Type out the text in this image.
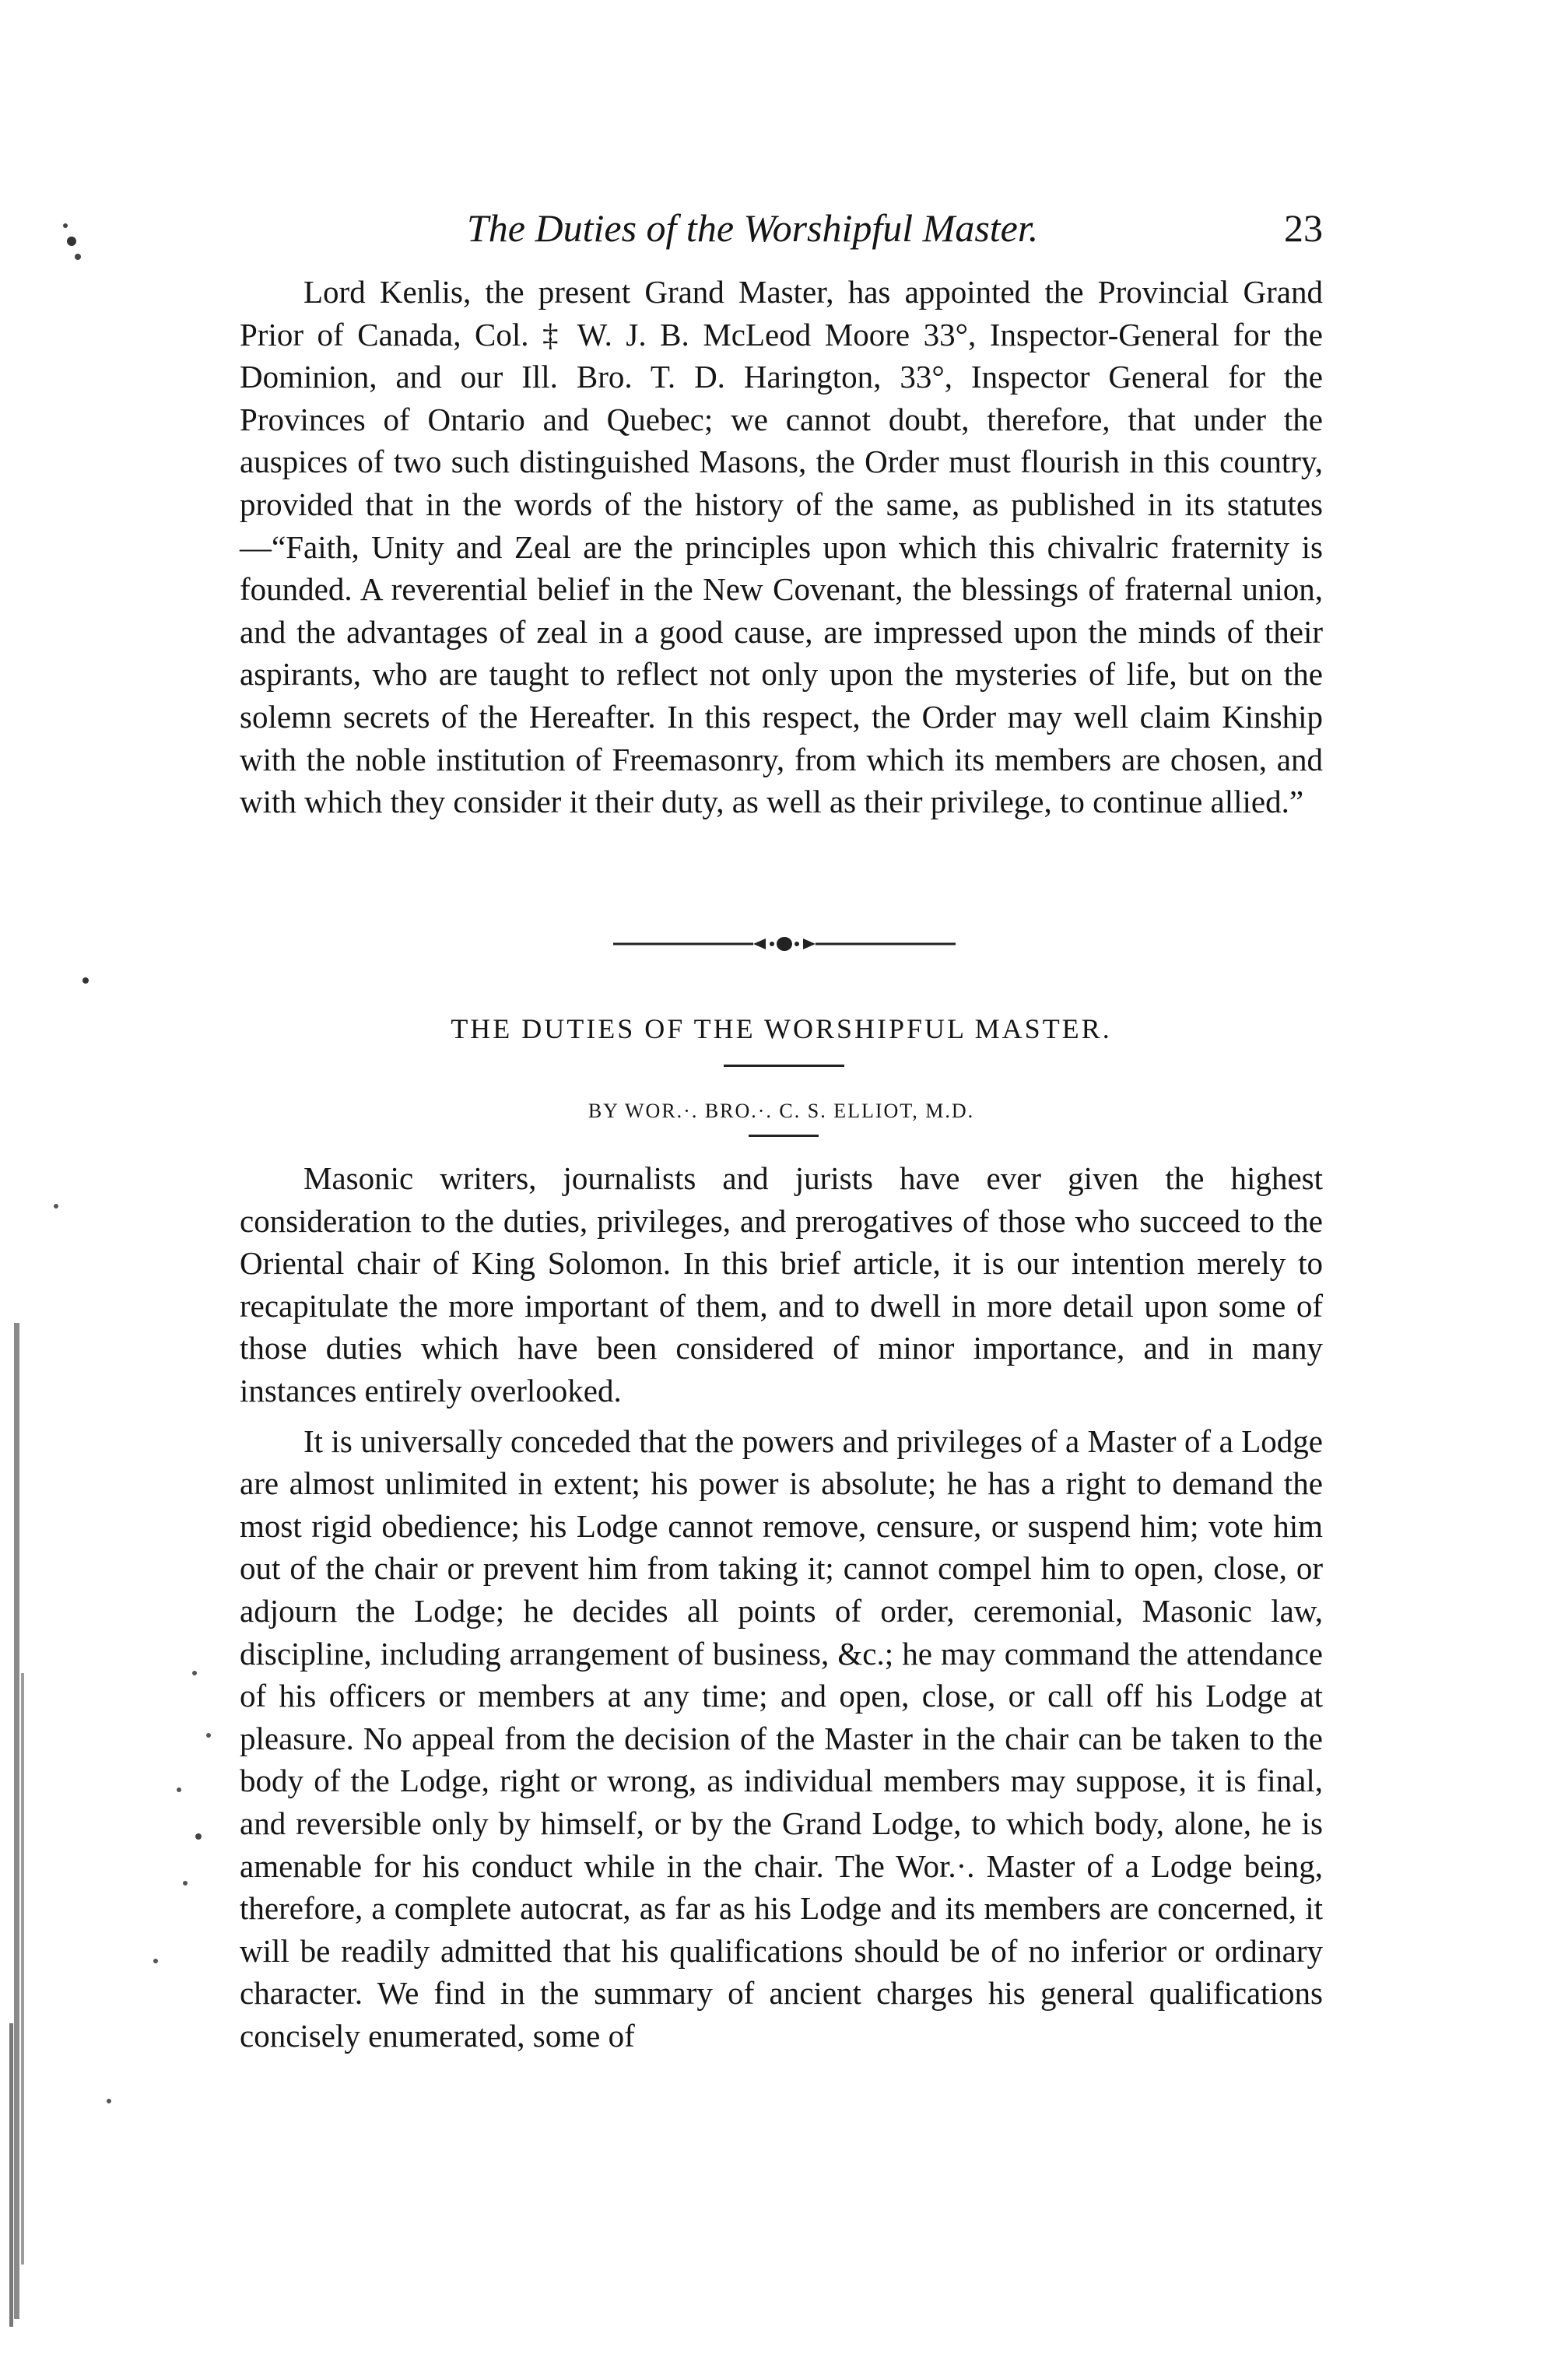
The Duties of the Worshipful Master.	23

Lord Kenlis, the present Grand Master, has appointed the Provincial Grand Prior of Canada, Col. ‡ W. J. B. McLeod Moore 33°, Inspector-General for the Dominion, and our Ill. Bro. T. D. Harington, 33°, Inspector General for the Provinces of Ontario and Quebec; we cannot doubt, therefore, that under the auspices of two such distinguished Masons, the Order must flourish in this country, provided that in the words of the history of the same, as published in its statutes—“Faith, Unity and Zeal are the principles upon which this chivalric fraternity is founded. A reverential belief in the New Covenant, the blessings of fraternal union, and the advantages of zeal in a good cause, are impressed upon the minds of their aspirants, who are taught to reflect not only upon the mysteries of life, but on the solemn secrets of the Hereafter. In this respect, the Order may well claim Kinship with the noble institution of Freemasonry, from which its members are chosen, and with which they consider it their duty, as well as their privilege, to continue allied.”

THE DUTIES OF THE WORSHIPFUL MASTER.
BY WOR.·. BRO.·. C. S. ELLIOT, M.D.

Masonic writers, journalists and jurists have ever given the highest consideration to the duties, privileges, and prerogatives of those who succeed to the Oriental chair of King Solomon. In this brief article, it is our intention merely to recapitulate the more important of them, and to dwell in more detail upon some of those duties which have been considered of minor importance, and in many instances entirely overlooked.

It is universally conceded that the powers and privileges of a Master of a Lodge are almost unlimited in extent; his power is absolute; he has a right to demand the most rigid obedience; his Lodge cannot remove, censure, or suspend him; vote him out of the chair or prevent him from taking it; cannot compel him to open, close, or adjourn the Lodge; he decides all points of order, ceremonial, Masonic law, discipline, including arrangement of business, &c.; he may command the attendance of his officers or members at any time; and open, close, or call off his Lodge at pleasure. No appeal from the decision of the Master in the chair can be taken to the body of the Lodge, right or wrong, as individual members may suppose, it is final, and reversible only by himself, or by the Grand Lodge, to which body, alone, he is amenable for his conduct while in the chair. The Wor.·. Master of a Lodge being, therefore, a complete autocrat, as far as his Lodge and its members are concerned, it will be readily admitted that his qualifications should be of no inferior or ordinary character. We find in the summary of ancient charges his general qualifications concisely enumerated, some of
